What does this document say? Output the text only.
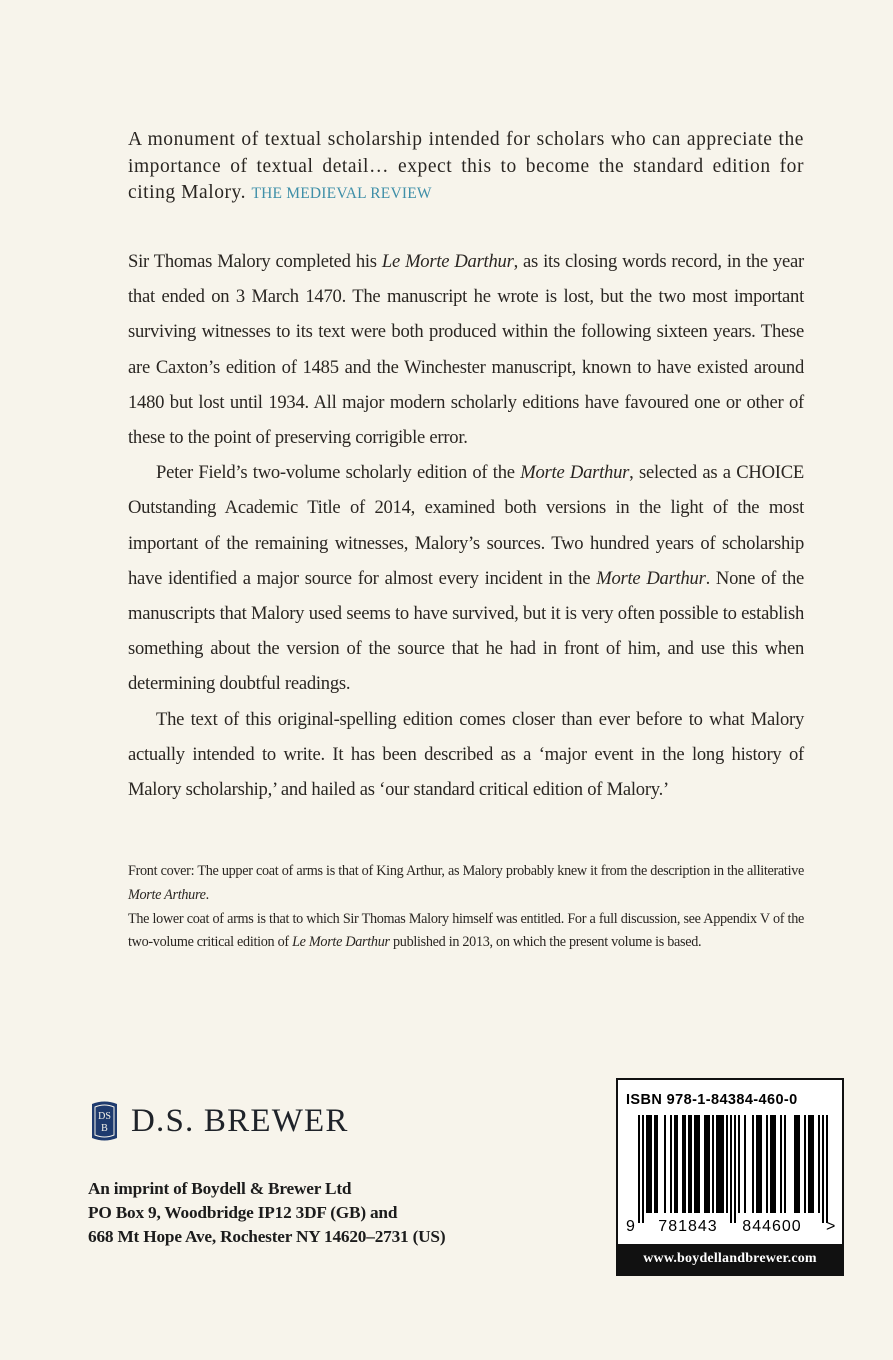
A monument of textual scholarship intended for scholars who can appreciate the importance of textual detail… expect this to become the standard edition for citing Malory. THE MEDIEVAL REVIEW

Sir Thomas Malory completed his Le Morte Darthur, as its closing words record, in the year that ended on 3 March 1470. The manuscript he wrote is lost, but the two most important surviving witnesses to its text were both produced within the following sixteen years. These are Caxton’s edition of 1485 and the Winchester manuscript, known to have existed around 1480 but lost until 1934. All major modern scholarly editions have favoured one or other of these to the point of preserving corrigible error.

Peter Field’s two-volume scholarly edition of the Morte Darthur, selected as a CHOICE Outstanding Academic Title of 2014, examined both versions in the light of the most important of the remaining witnesses, Malory’s sources. Two hundred years of scholarship have identified a major source for almost every incident in the Morte Darthur. None of the manuscripts that Malory used seems to have survived, but it is very often possible to establish something about the version of the source that he had in front of him, and use this when determining doubtful readings.

The text of this original-spelling edition comes closer than ever before to what Malory actually intended to write. It has been described as a ‘major event in the long history of Malory scholarship,’ and hailed as ‘our standard critical edition of Malory.’

Front cover: The upper coat of arms is that of King Arthur, as Malory probably knew it from the description in the alliterative Morte Arthure.

The lower coat of arms is that to which Sir Thomas Malory himself was entitled. For a full discussion, see Appendix V of the two-volume critical edition of Le Morte Darthur published in 2013, on which the present volume is based.

DS
B D.S. BREWER
An imprint of Boydell & Brewer Ltd
PO Box 9, Woodbridge IP12 3DF (GB) and
668 Mt Hope Ave, Rochester NY 14620–2731 (US)
ISBN 978-1-84384-460-0
9 781843 844600 >
www.boydellandbrewer.com
